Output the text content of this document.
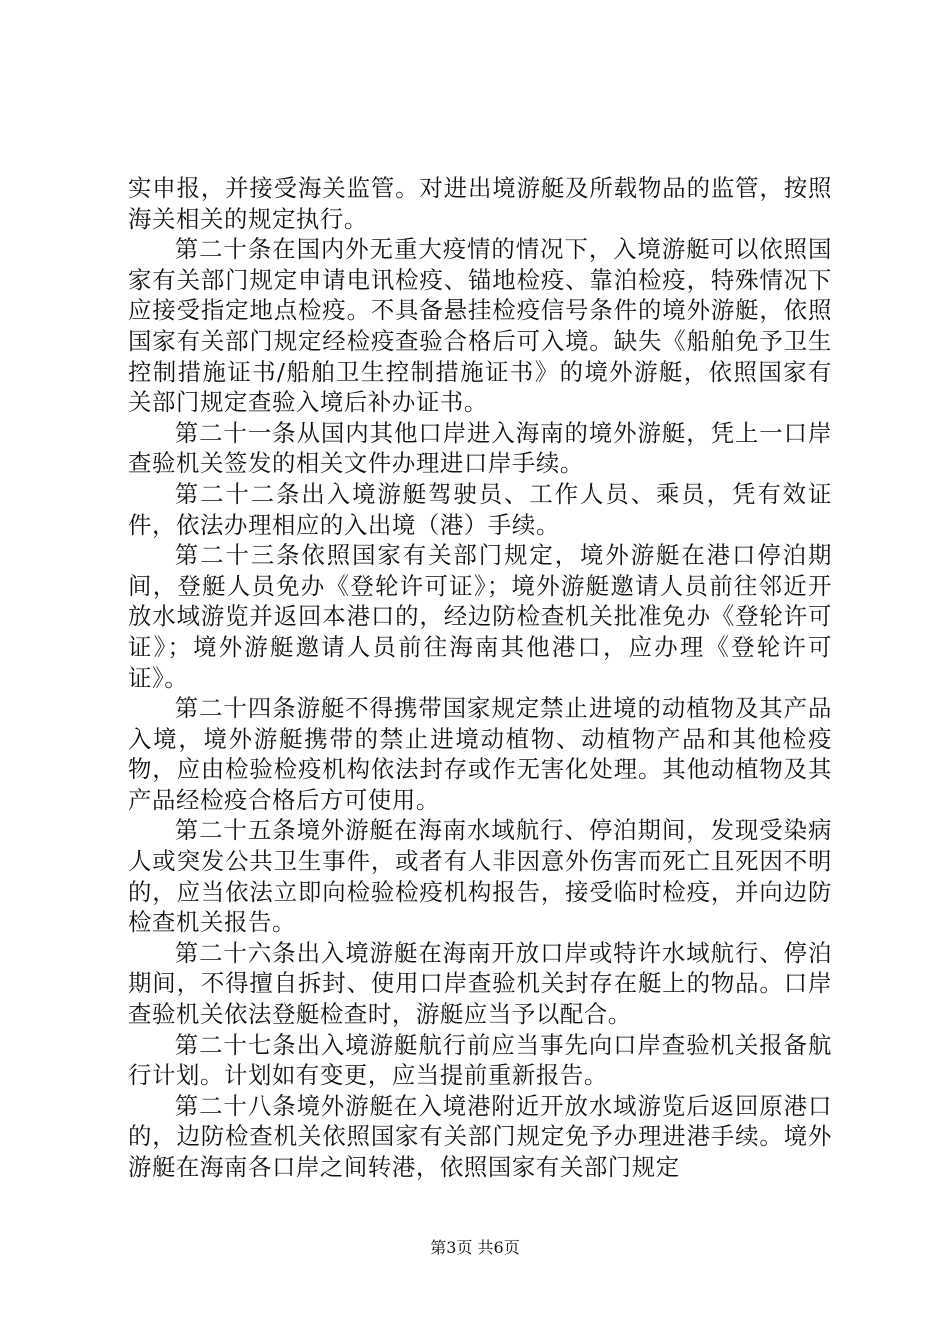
实申报，并接受海关监管。对进出境游艇及所载物品的监管，按照海关相关的规定执行。

第二十条在国内外无重大疫情的情况下，入境游艇可以依照国家有关部门规定申请电讯检疫、锚地检疫、靠泊检疫，特殊情况下应接受指定地点检疫。不具备悬挂检疫信号条件的境外游艇，依照国家有关部门规定经检疫查验合格后可入境。缺失《船舶免予卫生控制措施证书/船舶卫生控制措施证书》的境外游艇，依照国家有关部门规定查验入境后补办证书。

第二十一条从国内其他口岸进入海南的境外游艇，凭上一口岸查验机关签发的相关文件办理进口岸手续。

第二十二条出入境游艇驾驶员、工作人员、乘员，凭有效证件，依法办理相应的入出境（港）手续。

第二十三条依照国家有关部门规定，境外游艇在港口停泊期间，登艇人员免办《登轮许可证》；境外游艇邀请人员前往邻近开放水域游览并返回本港口的，经边防检查机关批准免办《登轮许可证》；境外游艇邀请人员前往海南其他港口，应办理《登轮许可证》。

第二十四条游艇不得携带国家规定禁止进境的动植物及其产品入境，境外游艇携带的禁止进境动植物、动植物产品和其他检疫物，应由检验检疫机构依法封存或作无害化处理。其他动植物及其产品经检疫合格后方可使用。

第二十五条境外游艇在海南水域航行、停泊期间，发现受染病人或突发公共卫生事件，或者有人非因意外伤害而死亡且死因不明的，应当依法立即向检验检疫机构报告，接受临时检疫，并向边防检查机关报告。

第二十六条出入境游艇在海南开放口岸或特许水域航行、停泊期间，不得擅自拆封、使用口岸查验机关封存在艇上的物品。口岸查验机关依法登艇检查时，游艇应当予以配合。

第二十七条出入境游艇航行前应当事先向口岸查验机关报备航行计划。计划如有变更，应当提前重新报告。

第二十八条境外游艇在入境港附近开放水域游览后返回原港口的，边防检查机关依照国家有关部门规定免予办理进港手续。境外游艇在海南各口岸之间转港，依照国家有关部门规定

第3页 共6页
